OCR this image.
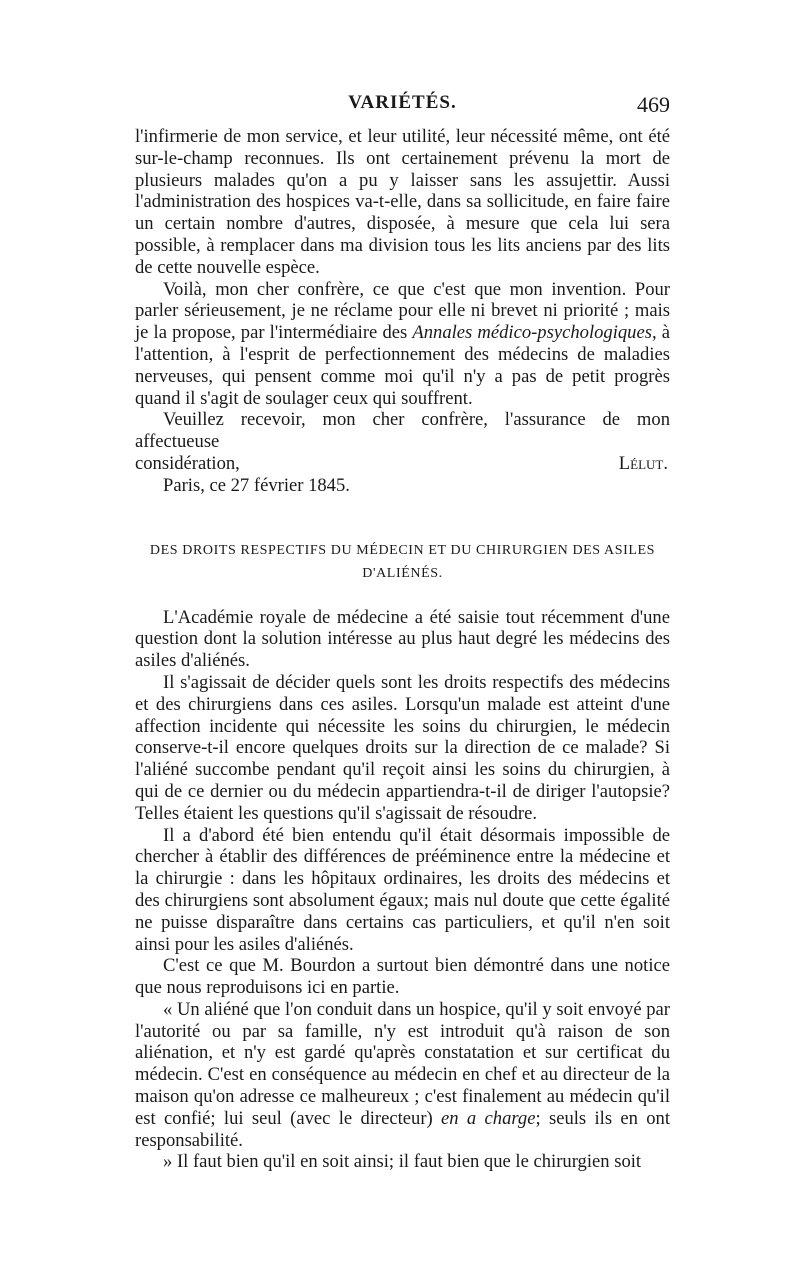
VARIÉTÉS.	469

l'infirmerie de mon service, et leur utilité, leur nécessité même, ont été sur-le-champ reconnues. Ils ont certainement prévenu la mort de plusieurs malades qu'on a pu y laisser sans les assujettir. Aussi l'administration des hospices va-t-elle, dans sa sollicitude, en faire faire un certain nombre d'autres, disposée, à mesure que cela lui sera possible, à remplacer dans ma division tous les lits anciens par des lits de cette nouvelle espèce.

Voilà, mon cher confrère, ce que c'est que mon invention. Pour parler sérieusement, je ne réclame pour elle ni brevet ni priorité ; mais je la propose, par l'intermédiaire des Annales médico-psychologiques, à l'attention, à l'esprit de perfectionnement des médecins de maladies nerveuses, qui pensent comme moi qu'il n'y a pas de petit progrès quand il s'agit de soulager ceux qui souffrent.

Veuillez recevoir, mon cher confrère, l'assurance de mon affectueuse

considération,	Lélut.
Paris, ce 27 février 1845.
DES DROITS RESPECTIFS DU MÉDECIN ET DU CHIRURGIEN DES ASILES
D'ALIÉNÉS.

L'Académie royale de médecine a été saisie tout récemment d'une question dont la solution intéresse au plus haut degré les médecins des asiles d'aliénés.

Il s'agissait de décider quels sont les droits respectifs des médecins et des chirurgiens dans ces asiles. Lorsqu'un malade est atteint d'une affection incidente qui nécessite les soins du chirurgien, le médecin conserve-t-il encore quelques droits sur la direction de ce malade? Si l'aliéné succombe pendant qu'il reçoit ainsi les soins du chirurgien, à qui de ce dernier ou du médecin appartiendra-t-il de diriger l'autopsie? Telles étaient les questions qu'il s'agissait de résoudre.

Il a d'abord été bien entendu qu'il était désormais impossible de chercher à établir des différences de prééminence entre la médecine et la chirurgie : dans les hôpitaux ordinaires, les droits des médecins et des chirurgiens sont absolument égaux; mais nul doute que cette égalité ne puisse disparaître dans certains cas particuliers, et qu'il n'en soit ainsi pour les asiles d'aliénés.

C'est ce que M. Bourdon a surtout bien démontré dans une notice que nous reproduisons ici en partie.

« Un aliéné que l'on conduit dans un hospice, qu'il y soit envoyé par l'autorité ou par sa famille, n'y est introduit qu'à raison de son aliénation, et n'y est gardé qu'après constatation et sur certificat du médecin. C'est en conséquence au médecin en chef et au directeur de la maison qu'on adresse ce malheureux ; c'est finalement au médecin qu'il est confié; lui seul (avec le directeur) en a charge; seuls ils en ont responsabilité.

» Il faut bien qu'il en soit ainsi; il faut bien que le chirurgien soit
